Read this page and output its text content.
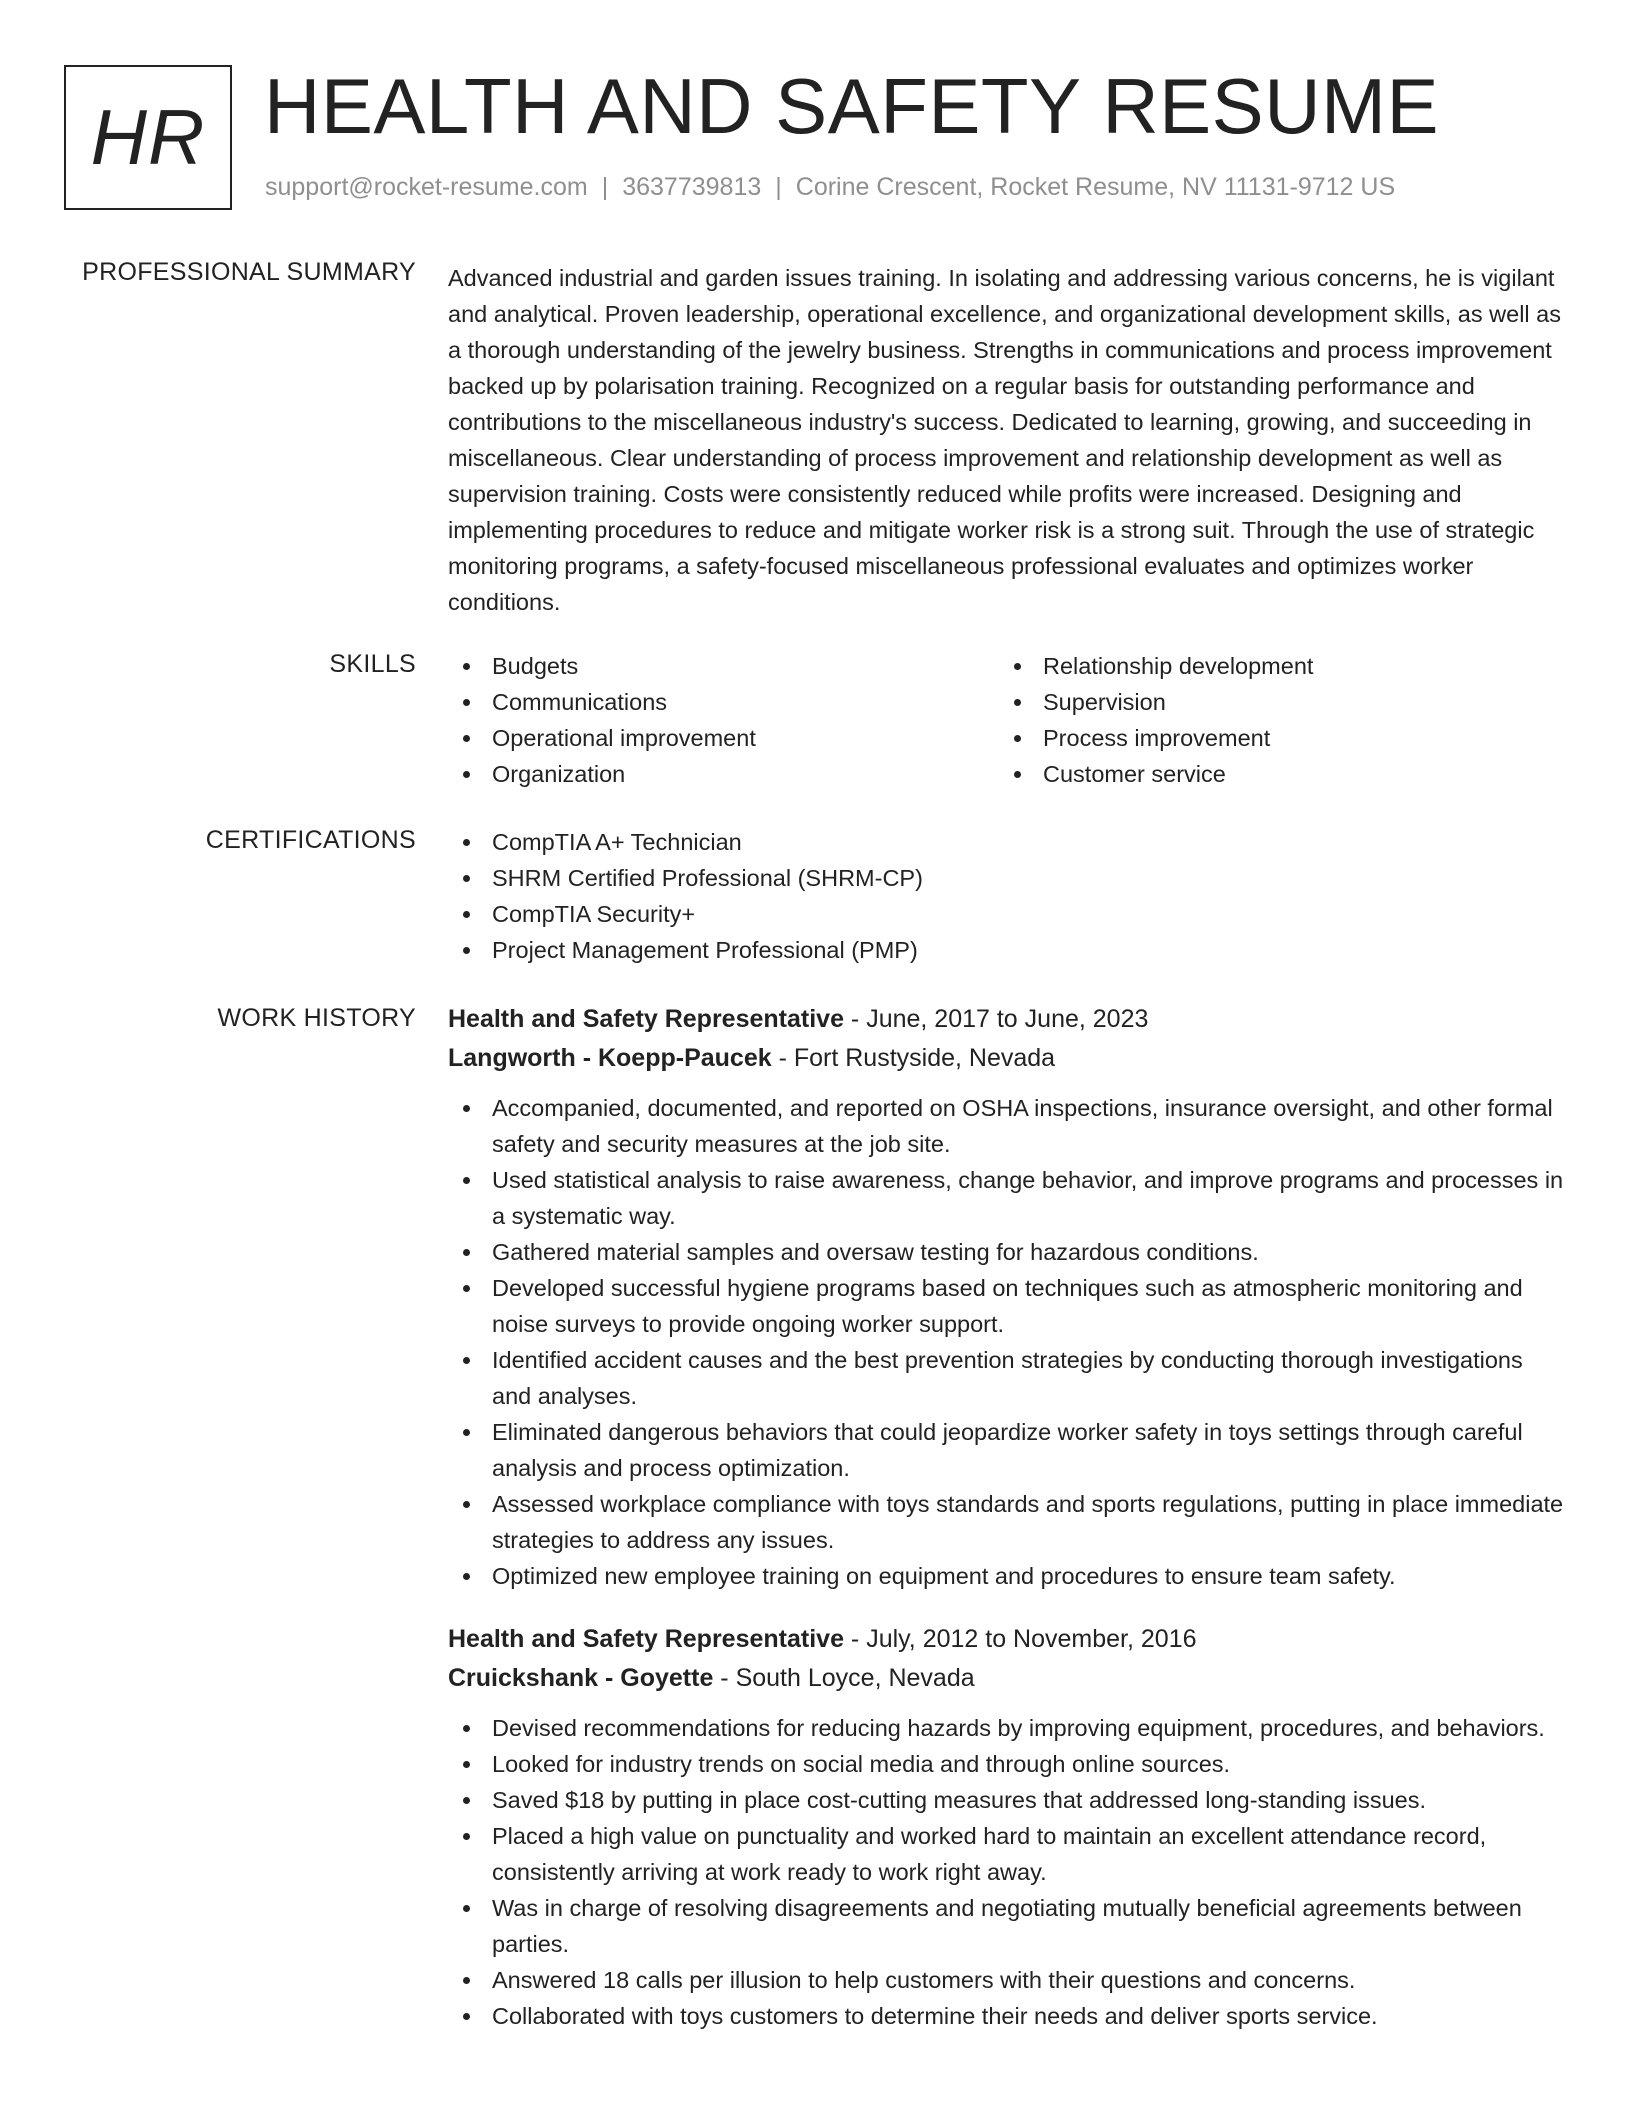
HR HEALTH AND SAFETY RESUME
support@rocket-resume.com | 3637739813 | Corine Crescent, Rocket Resume, NV 11131-9712 US
PROFESSIONAL SUMMARY Advanced industrial and garden issues training. In isolating and addressing various concerns, he is vigilant and analytical. Proven leadership, operational excellence, and organizational development skills, as well as a thorough understanding of the jewelry business. Strengths in communications and process improvement backed up by polarisation training. Recognized on a regular basis for outstanding performance and contributions to the miscellaneous industry's success. Dedicated to learning, growing, and succeeding in miscellaneous. Clear understanding of process improvement and relationship development as well as supervision training. Costs were consistently reduced while profits were increased. Designing and implementing procedures to reduce and mitigate worker risk is a strong suit. Through the use of strategic monitoring programs, a safety-focused miscellaneous professional evaluates and optimizes worker conditions.
SKILLS	Budgets
Communications
Operational improvement
Organization
Relationship development
Supervision
Process improvement
Customer service
CERTIFICATIONS	CompTIA A+ Technician
SHRM Certified Professional (SHRM-CP)
CompTIA Security+
Project Management Professional (PMP)
WORK HISTORY Health and Safety Representative - June, 2017 to June, 2023
Langworth - Koepp-Paucek - Fort Rustyside, Nevada
Accompanied, documented, and reported on OSHA inspections, insurance oversight, and other formal safety and security measures at the job site.
Used statistical analysis to raise awareness, change behavior, and improve programs and processes in a systematic way.
Gathered material samples and oversaw testing for hazardous conditions.
Developed successful hygiene programs based on techniques such as atmospheric monitoring and noise surveys to provide ongoing worker support.
Identified accident causes and the best prevention strategies by conducting thorough investigations and analyses.
Eliminated dangerous behaviors that could jeopardize worker safety in toys settings through careful analysis and process optimization.
Assessed workplace compliance with toys standards and sports regulations, putting in place immediate strategies to address any issues.
Optimized new employee training on equipment and procedures to ensure team safety.
Health and Safety Representative - July, 2012 to November, 2016
Cruickshank - Goyette - South Loyce, Nevada
Devised recommendations for reducing hazards by improving equipment, procedures, and behaviors.
Looked for industry trends on social media and through online sources.
Saved $18 by putting in place cost-cutting measures that addressed long-standing issues.
Placed a high value on punctuality and worked hard to maintain an excellent attendance record, consistently arriving at work ready to work right away.
Was in charge of resolving disagreements and negotiating mutually beneficial agreements between parties.
Answered 18 calls per illusion to help customers with their questions and concerns.
Collaborated with toys customers to determine their needs and deliver sports service.
